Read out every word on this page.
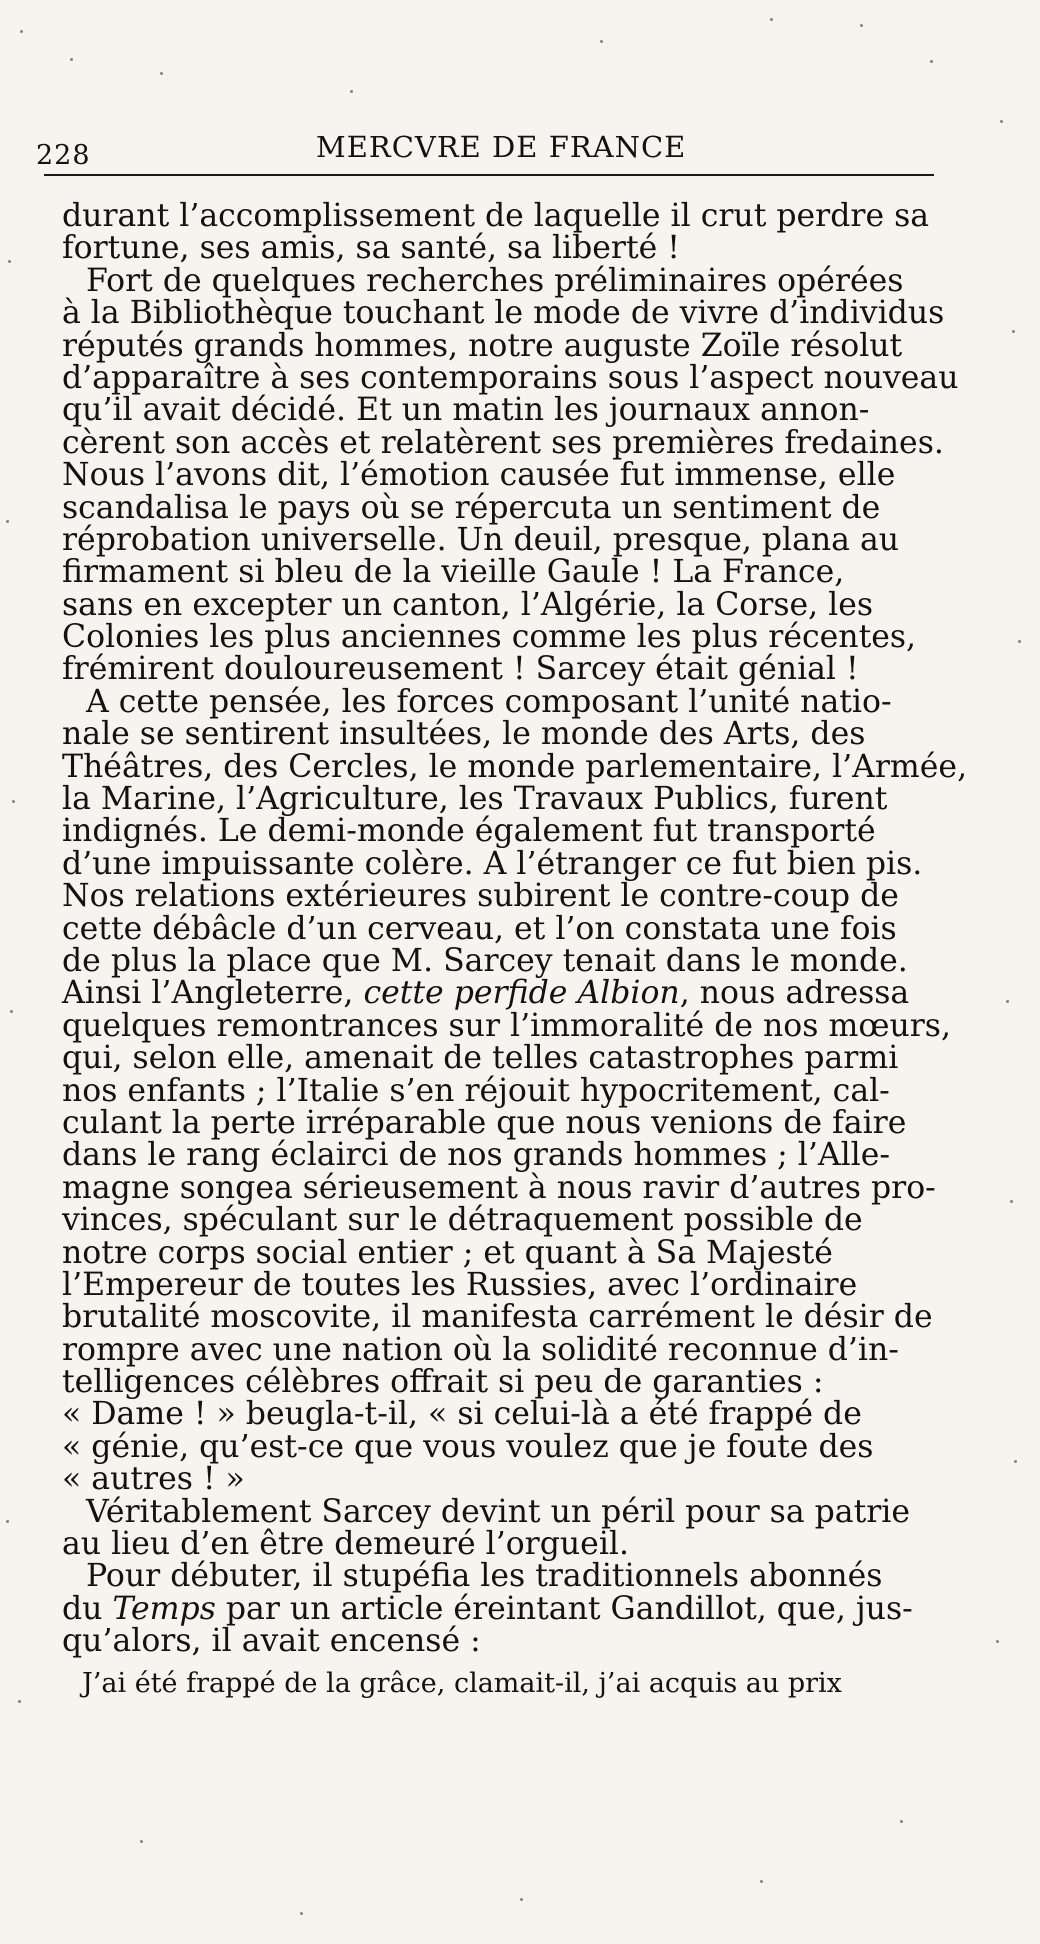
228	MERCVRE DE FRANCE
durant l’accomplissement de laquelle il crut perdre sa
fortune, ses amis, sa santé, sa liberté !
Fort de quelques recherches préliminaires opérées
à la Bibliothèque touchant le mode de vivre d’individus
réputés grands hommes, notre auguste Zoïle résolut
d’apparaître à ses contemporains sous l’aspect nouveau
qu’il avait décidé. Et un matin les journaux annon-
cèrent son accès et relatèrent ses premières fredaines.
Nous l’avons dit, l’émotion causée fut immense, elle
scandalisa le pays où se répercuta un sentiment de
réprobation universelle. Un deuil, presque, plana au
firmament si bleu de la vieille Gaule ! La France,
sans en excepter un canton, l’Algérie, la Corse, les
Colonies les plus anciennes comme les plus récentes,
frémirent douloureusement ! Sarcey était génial !
A cette pensée, les forces composant l’unité natio-
nale se sentirent insultées, le monde des Arts, des
Théâtres, des Cercles, le monde parlementaire, l’Armée,
la Marine, l’Agriculture, les Travaux Publics, furent
indignés. Le demi-monde également fut transporté
d’une impuissante colère. A l’étranger ce fut bien pis.
Nos relations extérieures subirent le contre-coup de
cette débâcle d’un cerveau, et l’on constata une fois
de plus la place que M. Sarcey tenait dans le monde.
Ainsi l’Angleterre, cette perfide Albion, nous adressa
quelques remontrances sur l’immoralité de nos mœurs,
qui, selon elle, amenait de telles catastrophes parmi
nos enfants ; l’Italie s’en réjouit hypocritement, cal-
culant la perte irréparable que nous venions de faire
dans le rang éclairci de nos grands hommes ; l’Alle-
magne songea sérieusement à nous ravir d’autres pro-
vinces, spéculant sur le détraquement possible de
notre corps social entier ; et quant à Sa Majesté
l’Empereur de toutes les Russies, avec l’ordinaire
brutalité moscovite, il manifesta carrément le désir de
rompre avec une nation où la solidité reconnue d’in-
telligences célèbres offrait si peu de garanties :
« Dame ! » beugla-t-il, « si celui-là a été frappé de
« génie, qu’est-ce que vous voulez que je foute des
« autres ! »
Véritablement Sarcey devint un péril pour sa patrie
au lieu d’en être demeuré l’orgueil.
Pour débuter, il stupéfia les traditionnels abonnés
du Temps par un article éreintant Gandillot, que, jus-
qu’alors, il avait encensé :
J’ai été frappé de la grâce, clamait-il, j’ai acquis au prix
